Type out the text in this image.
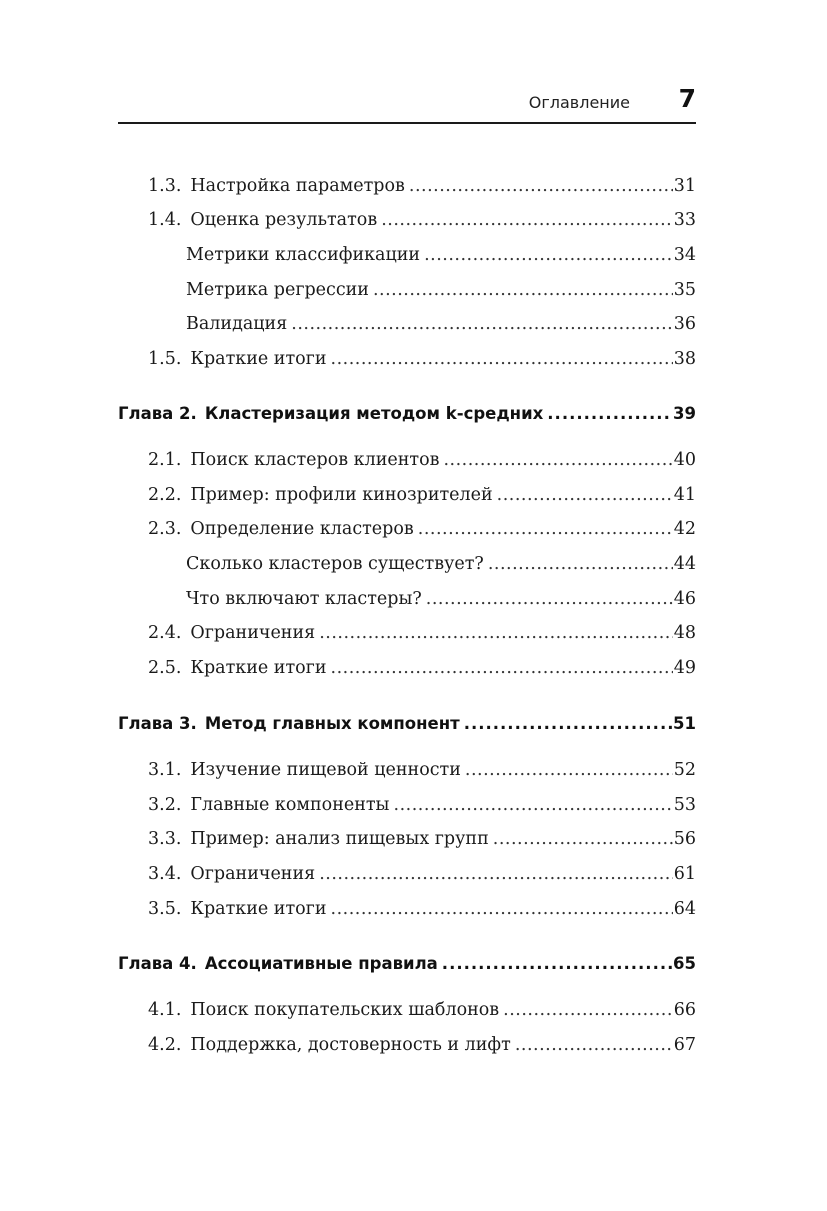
Оглавление 7
1.3. Настройка параметров .....	31
1.4. Оценка результатов .....	33
Метрики классификации .....	34
Метрика регрессии .....	35
Валидация .....	36
1.5. Краткие итоги .....	38
Глава 2. Кластеризация методом k-средних .....	39
2.1. Поиск кластеров клиентов .....	40
2.2. Пример: профили кинозрителей .....	41
2.3. Определение кластеров .....	42
Сколько кластеров существует? .....	44
Что включают кластеры? .....	46
2.4. Ограничения .....	48
2.5. Краткие итоги .....	49
Глава 3. Метод главных компонент .....	51
3.1. Изучение пищевой ценности .....	52
3.2. Главные компоненты .....	53
3.3. Пример: анализ пищевых групп .....	56
3.4. Ограничения .....	61
3.5. Краткие итоги .....	64
Глава 4. Ассоциативные правила .....	65
4.1. Поиск покупательских шаблонов .....	66
4.2. Поддержка, достоверность и лифт .....	67
